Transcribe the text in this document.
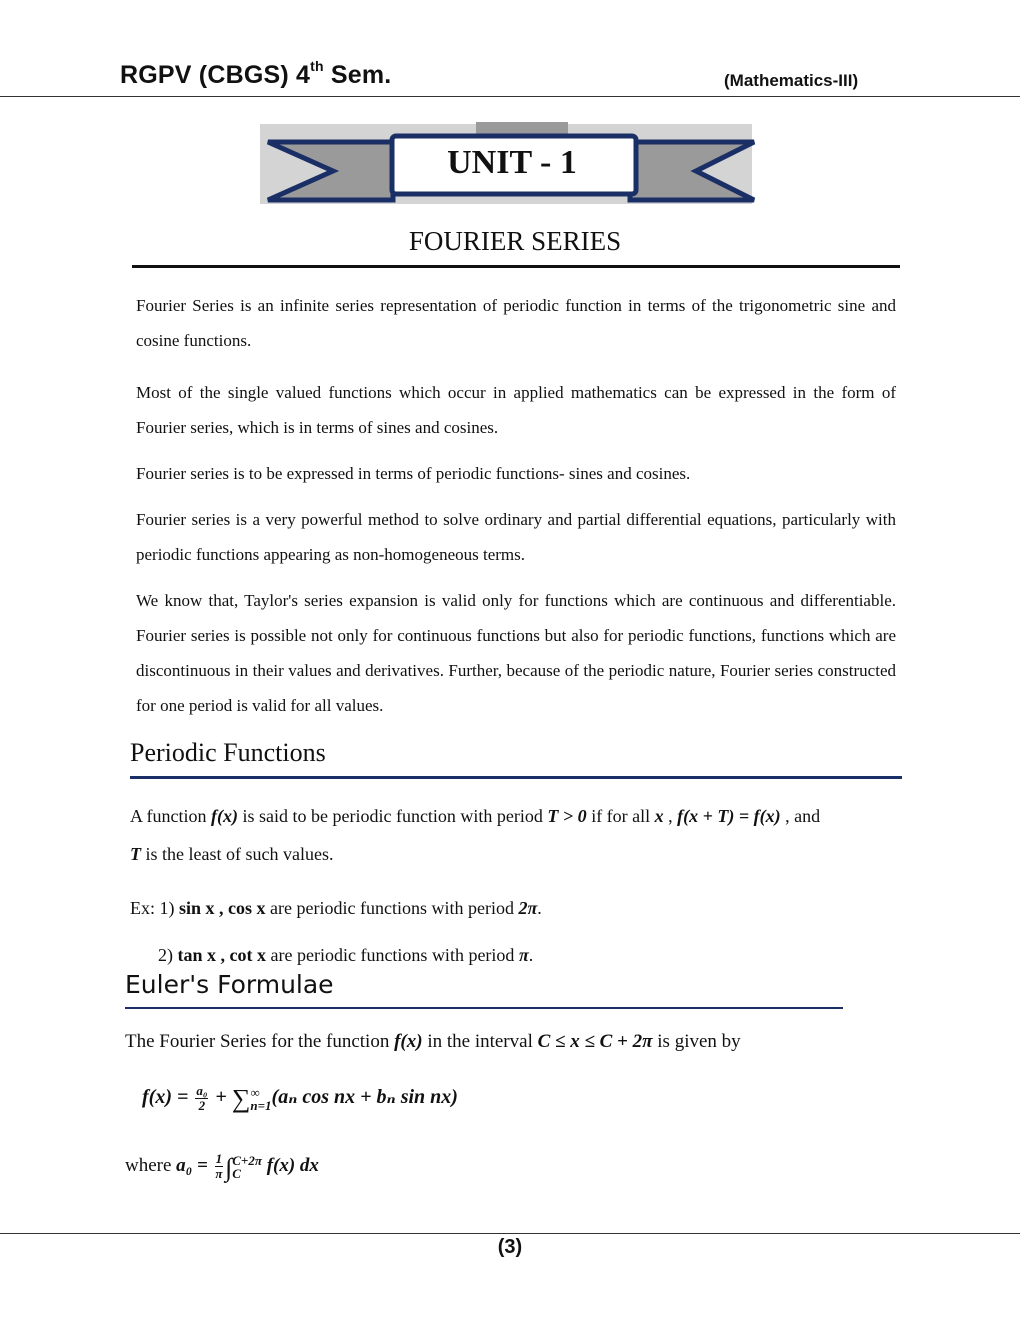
RGPV (CBGS) 4th Sem.	(Mathematics-III)
UNIT - 1
FOURIER SERIES
Fourier Series is an infinite series representation of periodic function in terms of the trigonometric sine and cosine functions.
Most of the single valued functions which occur in applied mathematics can be expressed in the form of Fourier series, which is in terms of sines and cosines.
Fourier series is to be expressed in terms of periodic functions- sines and cosines.
Fourier series is a very powerful method to solve ordinary and partial differential equations, particularly with periodic functions appearing as non-homogeneous terms.
We know that, Taylor's series expansion is valid only for functions which are continuous and differentiable. Fourier series is possible not only for continuous functions but also for periodic functions, functions which are discontinuous in their values and derivatives. Further, because of the periodic nature, Fourier series constructed for one period is valid for all values.
Periodic Functions
A function f(x) is said to be periodic function with period T > 0 if for all x , f(x + T) = f(x) , and
T is the least of such values.
Ex: 1) sin x , cos x are periodic functions with period 2π.
2) tan x , cot x are periodic functions with period π.
Euler's Formulae
The Fourier Series for the function f(x) in the interval C ≤ x ≤ C + 2π is given by
$f(x) = \frac{\text{a₀}}{2}$ + ∑ ∞
n=1 (aₙ cos nx + bₙ sin nx)
where $a_0 = \frac{1}{\pi}$ ∫ C+2π
C	f(x) dx
(3)
